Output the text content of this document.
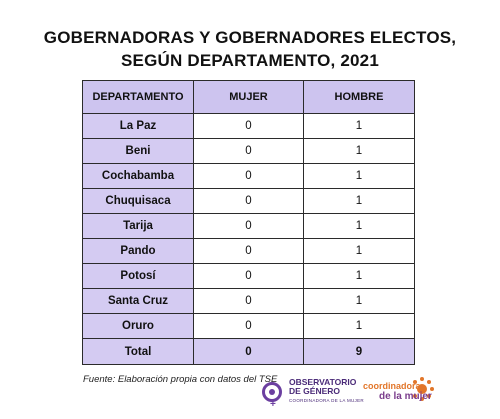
GOBERNADORAS Y GOBERNADORES ELECTOS,
SEGÚN DEPARTAMENTO, 2021
DEPARTAMENTO	MUJER	HOMBRE
La Paz	0	1
Beni	0	1
Cochabamba	0	1
Chuquisaca	0	1
Tarija	0	1
Pando	0	1
Potosí	0	1
Santa Cruz	0	1
Oruro	0	1
Total	0	9
Fuente: Elaboración propia con datos del TSE
+
OBSERVATORIO
DE GÉNERO
COORDINADORA DE LA MUJER
coordinadora
de la mujer
